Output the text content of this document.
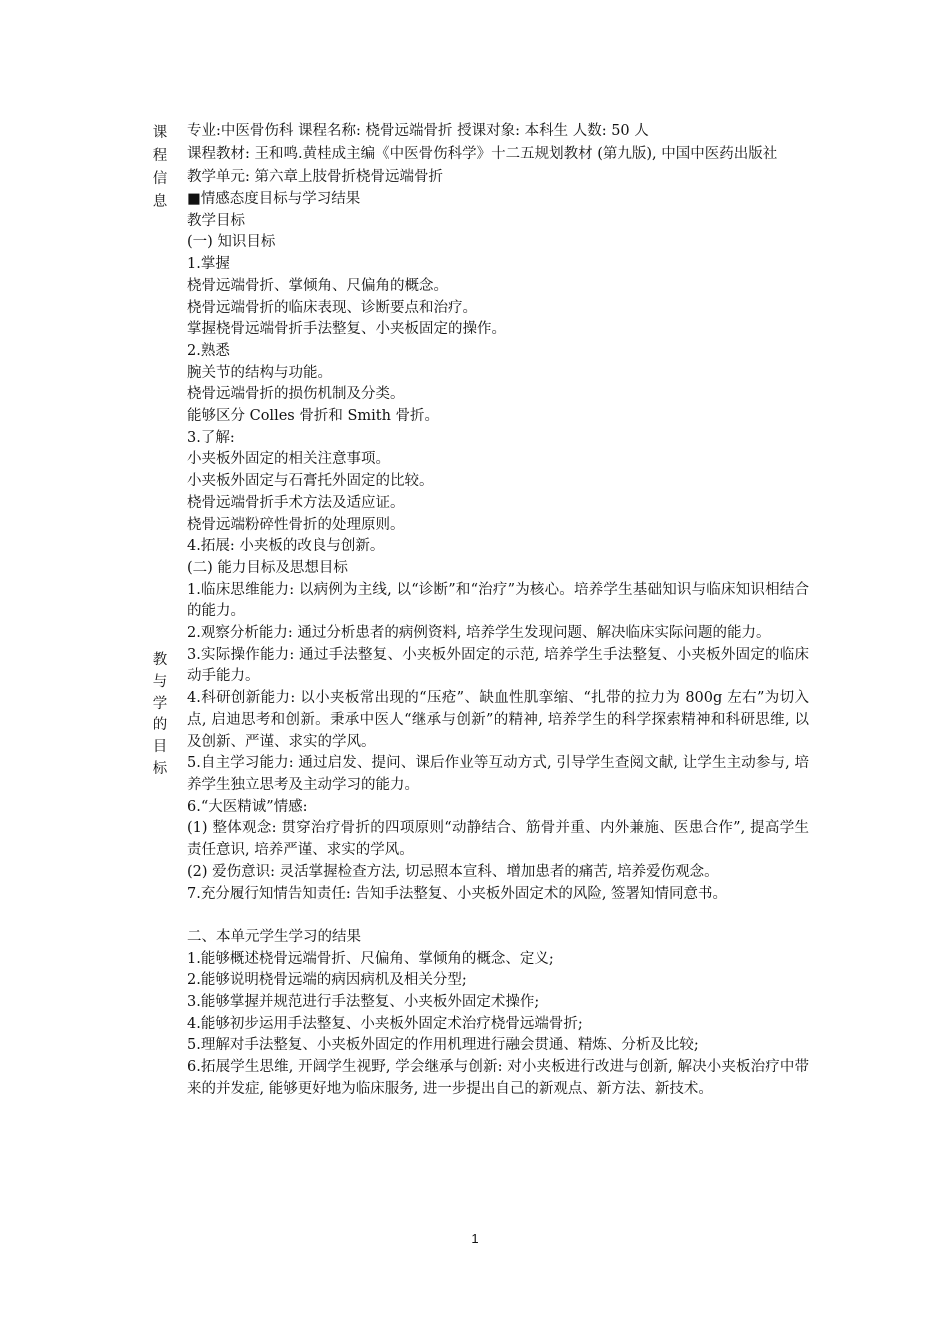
课
程
信
息
教
与
学
的
目
标
专业:中医骨伤科 课程名称: 桡骨远端骨折 授课对象: 本科生 人数: 50 人
课程教材: 王和鸣.黄桂成主编《中医骨伤科学》十二五规划教材 (第九版), 中国中医药出版社
教学单元: 第六章上肢骨折桡骨远端骨折
■情感态度目标与学习结果
教学目标
(一) 知识目标
1.掌握
桡骨远端骨折、掌倾角、尺偏角的概念。
桡骨远端骨折的临床表现、诊断要点和治疗。
掌握桡骨远端骨折手法整复、小夹板固定的操作。
2.熟悉
腕关节的结构与功能。
桡骨远端骨折的损伤机制及分类。
能够区分 Colles 骨折和 Smith 骨折。
3.了解:
小夹板外固定的相关注意事项。
小夹板外固定与石膏托外固定的比较。
桡骨远端骨折手术方法及适应证。
桡骨远端粉碎性骨折的处理原则。
4.拓展: 小夹板的改良与创新。
(二) 能力目标及思想目标
1.临床思维能力: 以病例为主线, 以“诊断”和“治疗”为核心。培养学生基础知识与临床知识相结合的能力。
2.观察分析能力: 通过分析患者的病例资料, 培养学生发现问题、解决临床实际问题的能力。
3.实际操作能力: 通过手法整复、小夹板外固定的示范, 培养学生手法整复、小夹板外固定的临床动手能力。
4.科研创新能力: 以小夹板常出现的“压疮”、缺血性肌挛缩、“扎带的拉力为 800g 左右”为切入点, 启迪思考和创新。秉承中医人“继承与创新”的精神, 培养学生的科学探索精神和科研思维, 以及创新、严谨、求实的学风。
5.自主学习能力: 通过启发、提问、课后作业等互动方式, 引导学生查阅文献, 让学生主动参与, 培养学生独立思考及主动学习的能力。
6.“大医精诚”情感:
(1) 整体观念: 贯穿治疗骨折的四项原则“动静结合、筋骨并重、内外兼施、医患合作”, 提高学生责任意识, 培养严谨、求实的学风。
(2) 爱伤意识: 灵活掌握检查方法, 切忌照本宣科、增加患者的痛苦, 培养爱伤观念。
7.充分履行知情告知责任: 告知手法整复、小夹板外固定术的风险, 签署知情同意书。
二、本单元学生学习的结果
1.能够概述桡骨远端骨折、尺偏角、掌倾角的概念、定义;
2.能够说明桡骨远端的病因病机及相关分型;
3.能够掌握并规范进行手法整复、小夹板外固定术操作;
4.能够初步运用手法整复、小夹板外固定术治疗桡骨远端骨折;
5.理解对手法整复、小夹板外固定的作用机理进行融会贯通、精炼、分析及比较;
6.拓展学生思维, 开阔学生视野, 学会继承与创新: 对小夹板进行改进与创新, 解决小夹板治疗中带来的并发症, 能够更好地为临床服务, 进一步提出自己的新观点、新方法、新技术。
1
